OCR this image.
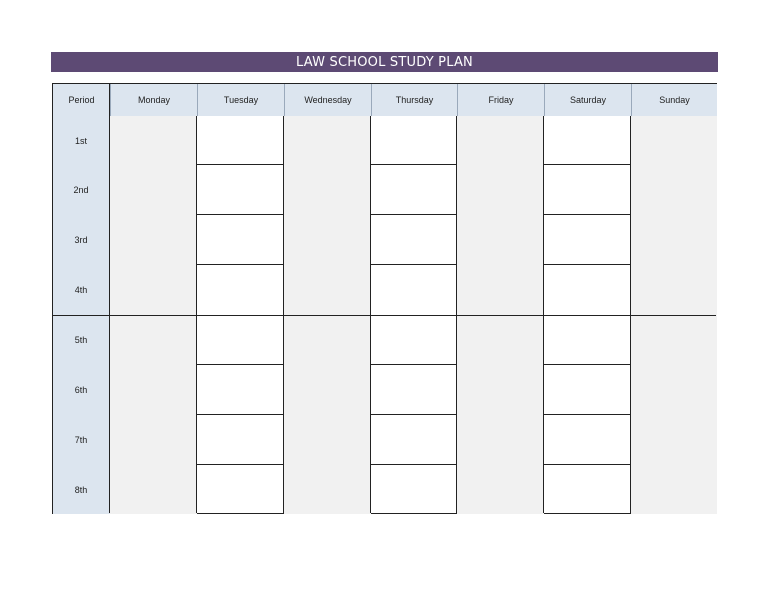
LAW SCHOOL STUDY PLAN
Period	Monday	Tuesday	Wednesday	Thursday	Friday	Saturday	Sunday
1st
2nd
3rd
4th
5th
6th
7th
8th
